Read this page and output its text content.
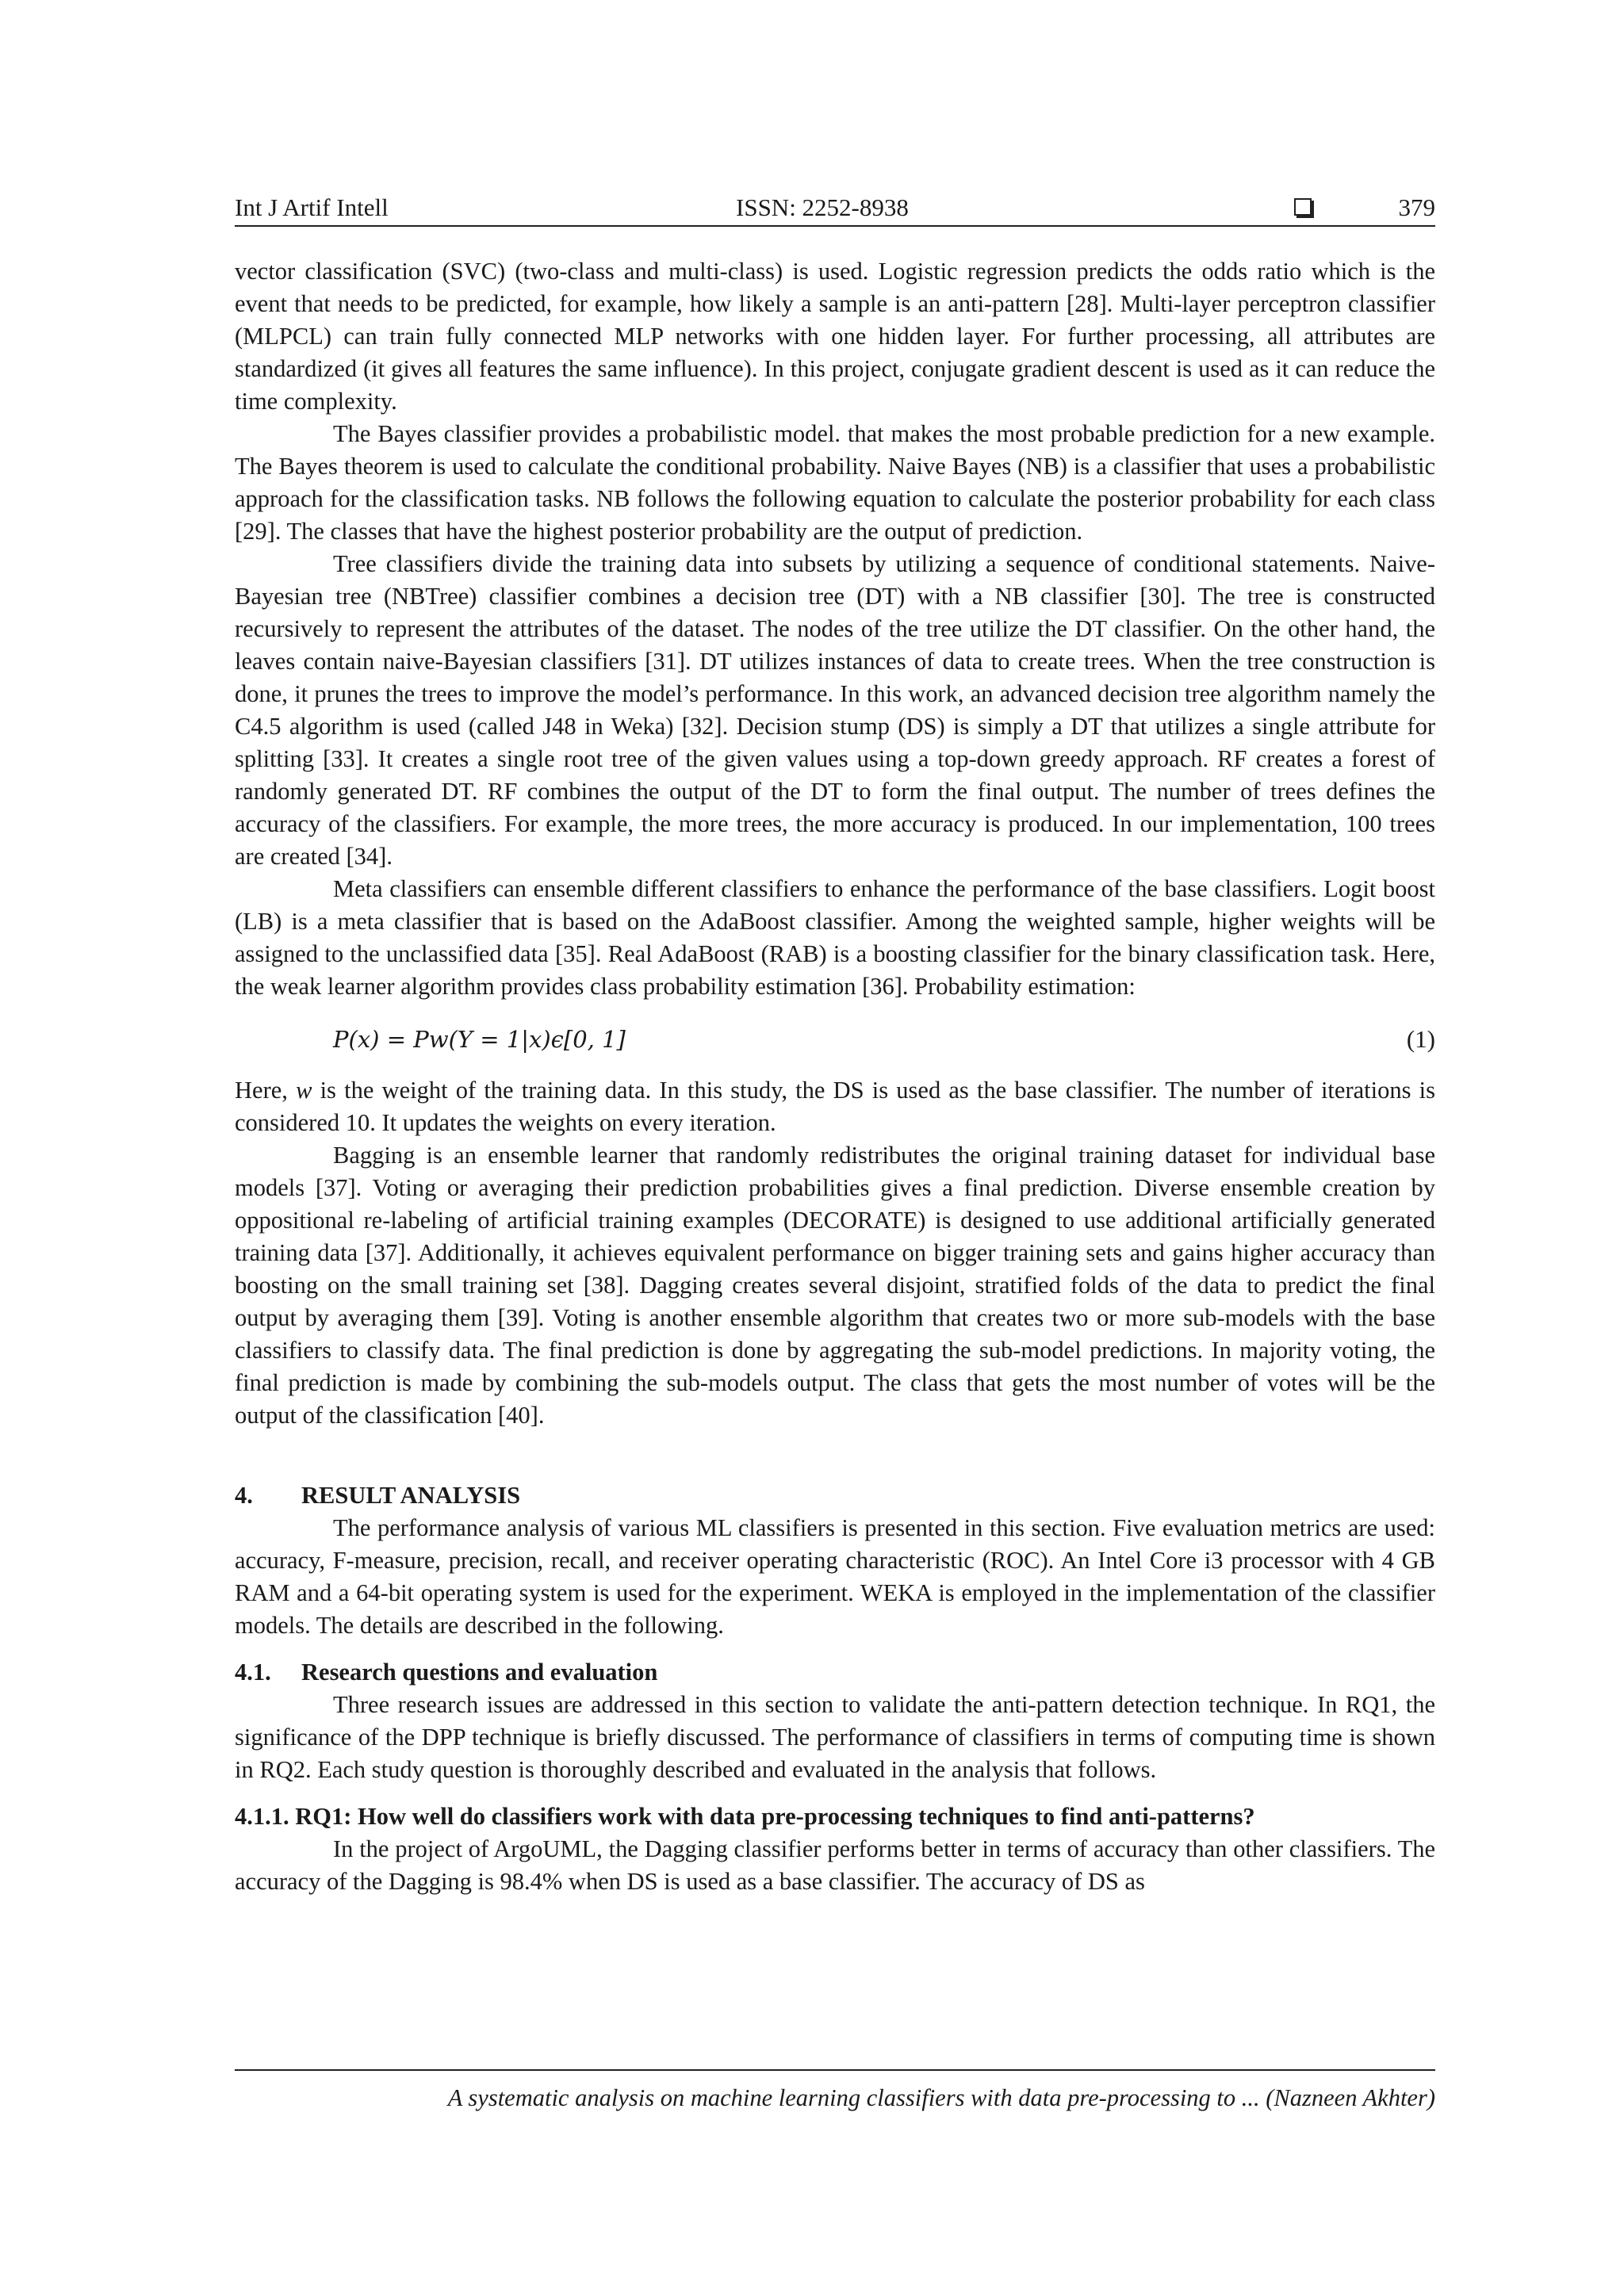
Int J Artif Intell	ISSN: 2252-8938	379

vector classification (SVC) (two-class and multi-class) is used. Logistic regression predicts the odds ratio which is the event that needs to be predicted, for example, how likely a sample is an anti-pattern [28]. Multi-layer perceptron classifier (MLPCL) can train fully connected MLP networks with one hidden layer. For further processing, all attributes are standardized (it gives all features the same influence). In this project, conjugate gradient descent is used as it can reduce the time complexity.

The Bayes classifier provides a probabilistic model. that makes the most probable prediction for a new example. The Bayes theorem is used to calculate the conditional probability. Naive Bayes (NB) is a classifier that uses a probabilistic approach for the classification tasks. NB follows the following equation to calculate the posterior probability for each class [29]. The classes that have the highest posterior probability are the output of prediction.

Tree classifiers divide the training data into subsets by utilizing a sequence of conditional statements. Naive-Bayesian tree (NBTree) classifier combines a decision tree (DT) with a NB classifier [30]. The tree is constructed recursively to represent the attributes of the dataset. The nodes of the tree utilize the DT classifier. On the other hand, the leaves contain naive-Bayesian classifiers [31]. DT utilizes instances of data to create trees. When the tree construction is done, it prunes the trees to improve the model’s performance. In this work, an advanced decision tree algorithm namely the C4.5 algorithm is used (called J48 in Weka) [32]. Decision stump (DS) is simply a DT that utilizes a single attribute for splitting [33]. It creates a single root tree of the given values using a top-down greedy approach. RF creates a forest of randomly generated DT. RF combines the output of the DT to form the final output. The number of trees defines the accuracy of the classifiers. For example, the more trees, the more accuracy is produced. In our implementation, 100 trees are created [34].

Meta classifiers can ensemble different classifiers to enhance the performance of the base classifiers. Logit boost (LB) is a meta classifier that is based on the AdaBoost classifier. Among the weighted sample, higher weights will be assigned to the unclassified data [35]. Real AdaBoost (RAB) is a boosting classifier for the binary classification task. Here, the weak learner algorithm provides class probability estimation [36]. Probability estimation:

P(x) = Pw(Y = 1|x)ϵ[0, 1]	(1)

Here, w is the weight of the training data. In this study, the DS is used as the base classifier. The number of iterations is considered 10. It updates the weights on every iteration.

Bagging is an ensemble learner that randomly redistributes the original training dataset for individual base models [37]. Voting or averaging their prediction probabilities gives a final prediction. Diverse ensemble creation by oppositional re-labeling of artificial training examples (DECORATE) is designed to use additional artificially generated training data [37]. Additionally, it achieves equivalent performance on bigger training sets and gains higher accuracy than boosting on the small training set [38]. Dagging creates several disjoint, stratified folds of the data to predict the final output by averaging them [39]. Voting is another ensemble algorithm that creates two or more sub-models with the base classifiers to classify data. The final prediction is done by aggregating the sub-model predictions. In majority voting, the final prediction is made by combining the sub-models output. The class that gets the most number of votes will be the output of the classification [40].

4. RESULT ANALYSIS

The performance analysis of various ML classifiers is presented in this section. Five evaluation metrics are used: accuracy, F-measure, precision, recall, and receiver operating characteristic (ROC). An Intel Core i3 processor with 4 GB RAM and a 64-bit operating system is used for the experiment. WEKA is employed in the implementation of the classifier models. The details are described in the following.

4.1. Research questions and evaluation

Three research issues are addressed in this section to validate the anti-pattern detection technique. In RQ1, the significance of the DPP technique is briefly discussed. The performance of classifiers in terms of computing time is shown in RQ2. Each study question is thoroughly described and evaluated in the analysis that follows.

4.1.1. RQ1: How well do classifiers work with data pre-processing techniques to find anti-patterns?

In the project of ArgoUML, the Dagging classifier performs better in terms of accuracy than other classifiers. The accuracy of the Dagging is 98.4% when DS is used as a base classifier. The accuracy of DS as

A systematic analysis on machine learning classifiers with data pre-processing to ... (Nazneen Akhter)
